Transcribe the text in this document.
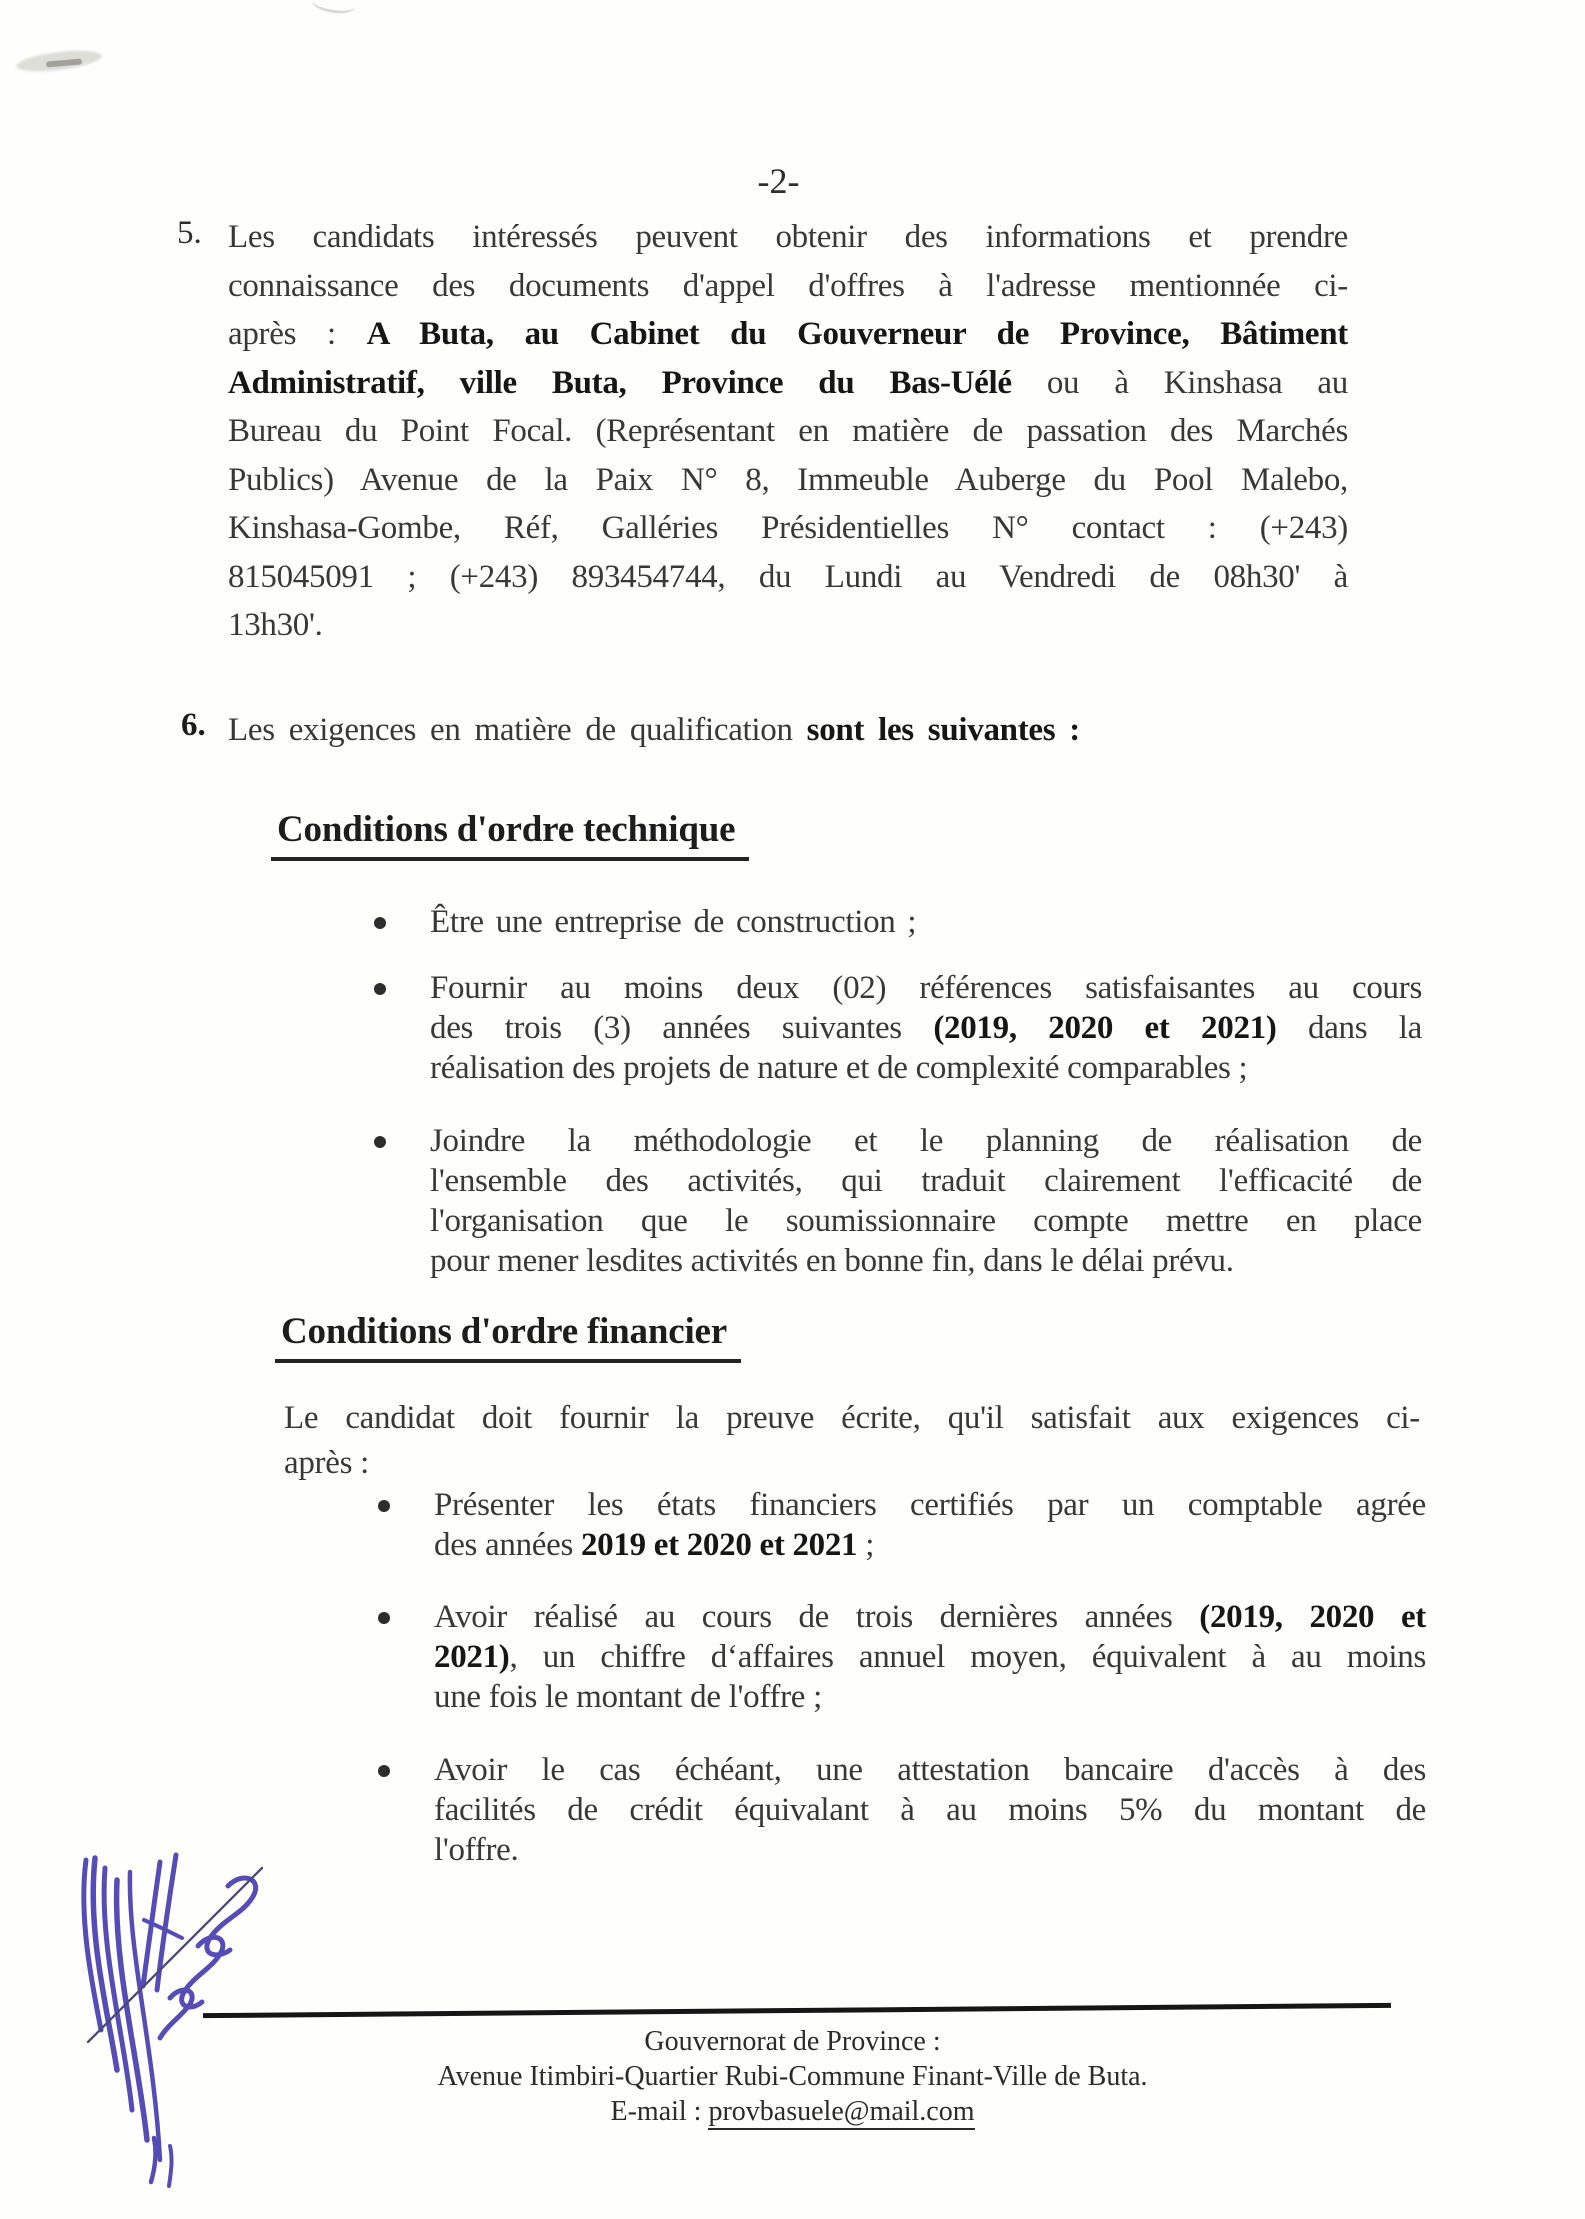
-2-
5. Les candidats intéressés peuvent obtenir des informations et prendre
connaissance des documents d'appel d'offres à l'adresse mentionnée ci-
après : A Buta, au Cabinet du Gouverneur de Province, Bâtiment
Administratif, ville Buta, Province du Bas-Uélé ou à Kinshasa au
Bureau du Point Focal. (Représentant en matière de passation des Marchés
Publics) Avenue de la Paix N° 8, Immeuble Auberge du Pool Malebo,
Kinshasa-Gombe, Réf, Galléries Présidentielles N° contact : (+243)
815045091 ; (+243) 893454744, du Lundi au Vendredi de 08h30' à
13h30'.
6. Les exigences en matière de qualification sont les suivantes :
Conditions d'ordre technique
Être une entreprise de construction ;
Fournir au moins deux (02) références satisfaisantes au cours
des trois (3) années suivantes (2019, 2020 et 2021) dans la
réalisation des projets de nature et de complexité comparables ;
Joindre la méthodologie et le planning de réalisation de
l'ensemble des activités, qui traduit clairement l'efficacité de
l'organisation que le soumissionnaire compte mettre en place
pour mener lesdites activités en bonne fin, dans le délai prévu.
Conditions d'ordre financier
Le candidat doit fournir la preuve écrite, qu'il satisfait aux exigences ci-
après :
Présenter les états financiers certifiés par un comptable agrée
des années 2019 et 2020 et 2021 ;
Avoir réalisé au cours de trois dernières années (2019, 2020 et
2021), un chiffre d‘affaires annuel moyen, équivalent à au moins
une fois le montant de l'offre ;
Avoir le cas échéant, une attestation bancaire d'accès à des
facilités de crédit équivalant à au moins 5% du montant de
l'offre.
Gouvernorat de Province :
Avenue Itimbiri-Quartier Rubi-Commune Finant-Ville de Buta.
E-mail : provbasuele@mail.com
